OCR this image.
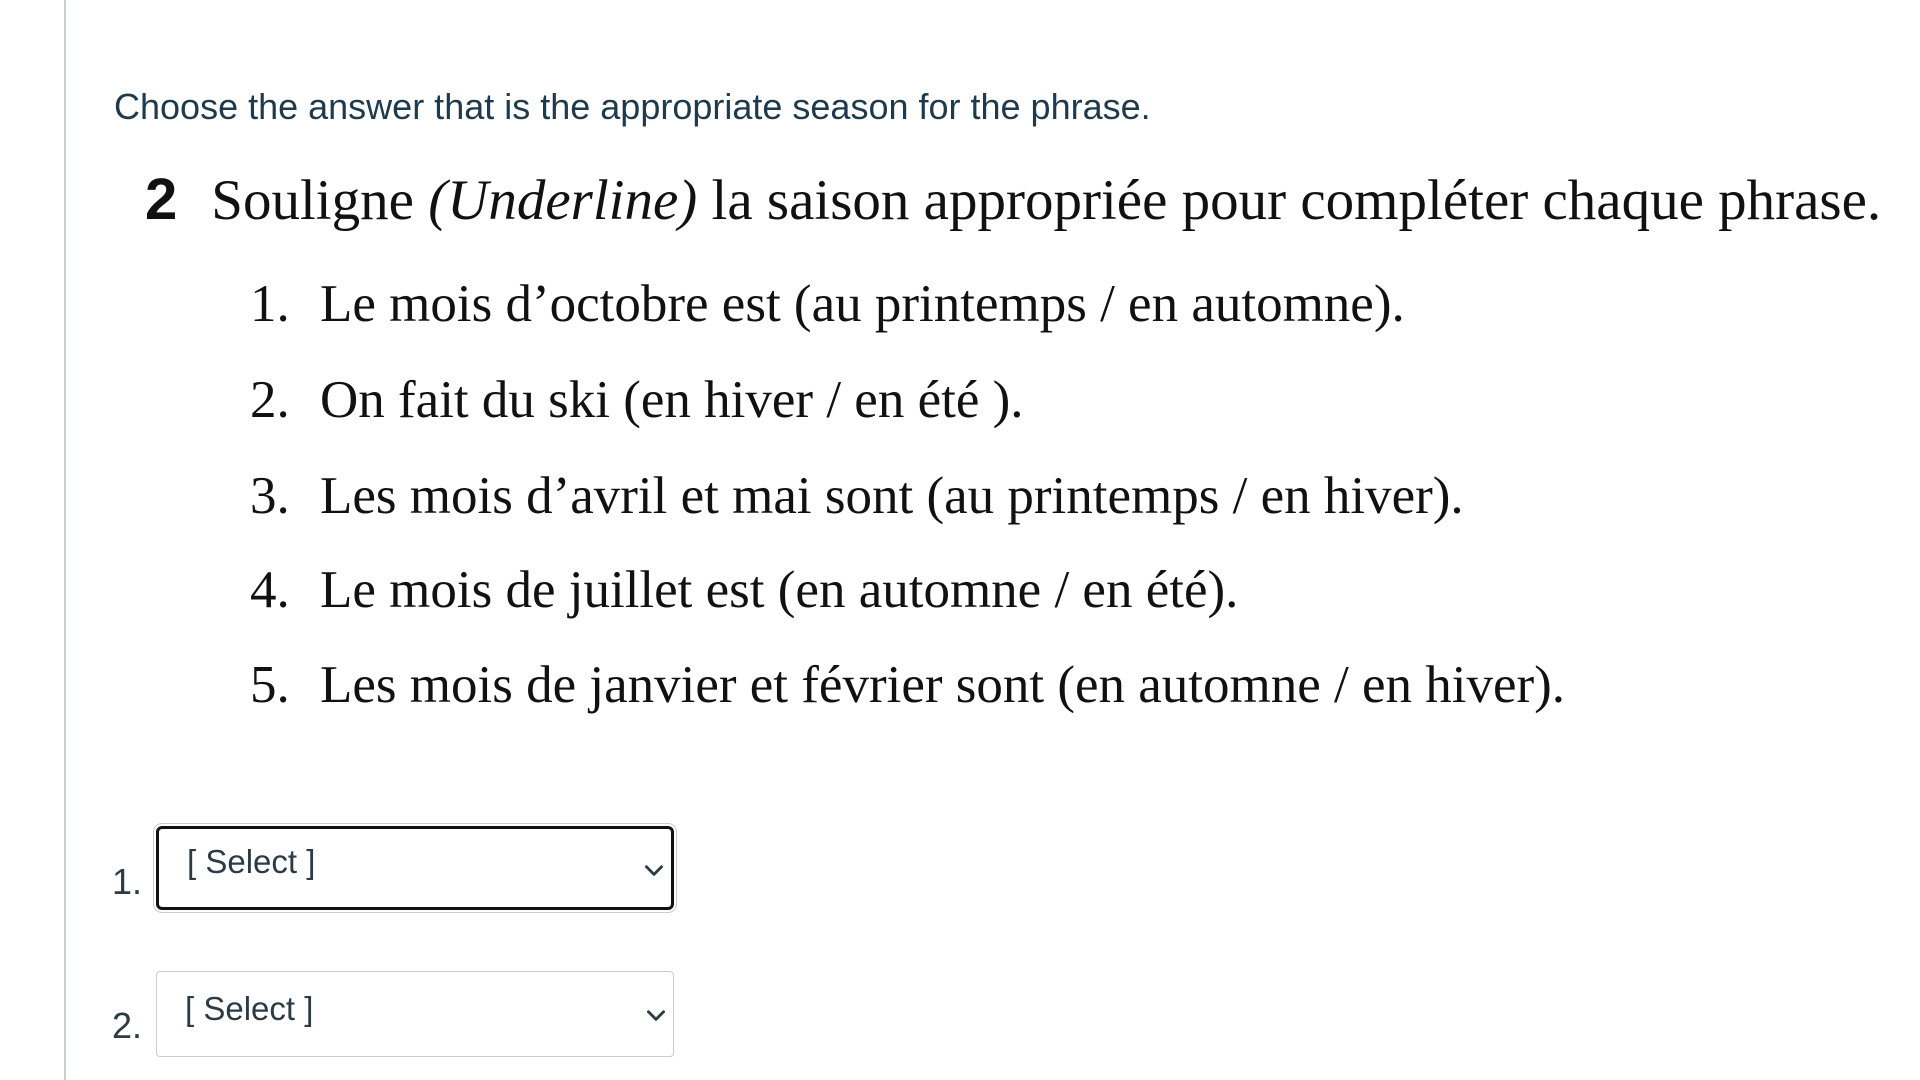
Choose the answer that is the appropriate season for the phrase.
2 Souligne (Underline) la saison appropriée pour compléter chaque phrase.
1. Le mois d’octobre est (au printemps / en automne).
2. On fait du ski (en hiver / en été ).
3. Les mois d’avril et mai sont (au printemps / en hiver).
4. Le mois de juillet est (en automne / en été).
5. Les mois de janvier et février sont (en automne / en hiver).
1. [ Select ]
2. [ Select ]
